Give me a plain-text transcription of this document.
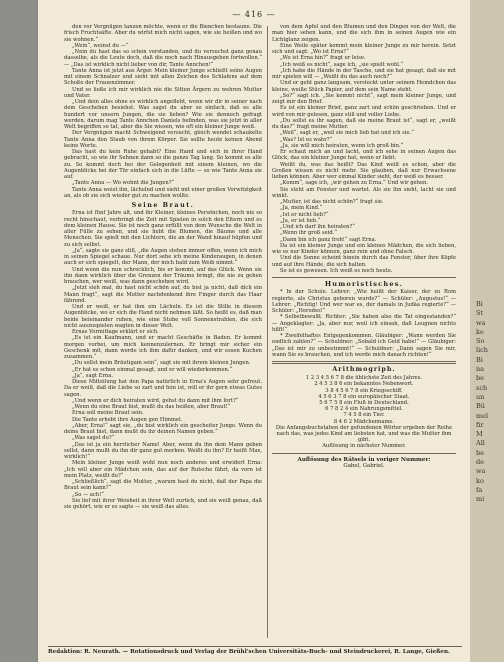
— 416 —

den vor Vergnügen tanzen möchte, wenn er die Bienchen bestaune. Die frisch Fruchtsäfte. Aber du wirfst mich nicht sagen, wie sie heißen und wo sie wohnen.“

„Wein“, weinst du —“

„Nein du hast das so schon verstanden, und du versuchst ganz genau dasselbe, als die Leute doch, daß die noch nach Hinausgehen fortwollen.“ — „Das ist wirklich nicht lieber von dir, Tante Annchen!“

Tante Anna ist jetzt aus Ärger. Mein kleiner Junge schließt seine Augen mit einem Schnalzer und sieht mit allen Zeichen des Schlafens auf dem Schoße der Frauenzimmer.

Und so ließe ich mir wirklich nie die Sitten Ärgern zu wehren Mutter und Vater.

„Und dein alles ohne es wirklich angefleht, wenn wir dir in seiner nach dem Geschehen besiehst. Was sagst du aber so einfach, daß es alle hundert vor unsern Jungen, die sie lieben? Wie sie dennoch gefragt werden, darum mag Tante Annchen Daniels befinden, was sie jetzt in aller Welt begriffen so tat, aber die Sie wissen, wie oft ein kleiner Junge weiß.

Der Vergnügen macht Schweigend versucht, gleich wendet schaukelte Tante Anna den Staub von ihrem Körper. Sie sollte heute keinen Abend keine Worte.

Das hast du kein Ruhe gehabt? Eine Hand und sich in ihrer Hand gebracht, so wie ihr Sehnen dann so die ganze Tag lang. So kommt es alle zu. So kommt doch bei der Gelegenheit mit einem kleinen, wo die Augenblicke bei der Tür einfach sich in die Lüfte — so wie Tante Anna sie auf.

„Tante Anna — Wo wohnt die Jungen?“

Tante Anna weist ihn, lächelnd und sieht mit einer großen Vorwitzigkeit an, als ob sie sich wieder gut zu machen wollte.

Seine Braut.

Erna ist fünf Jahre alt, und ihr Kleiner, kleines Persönchen, noch nie so recht hinschaut, verbringt die Zeit mit Spielen in solch den Eltern und es dem kleinen Hause. Sie ist noch ganz erfüllt von dem Wunsche die Welt in aller Fülle zu sehen, und sie liebt die Blumen, die Bäume und alle Menschen. Sie spielt mit den Lichtern, die an der Wand hinauf hüpfen und zu sich selbst.

„Ja“, sagte sie ganz still, „die Augen stehen immer offen, wenn ich mich in seinen Spiegel schaue. Nur dort sehe ich meine Kinderaugen, in denen auch er sich spiegelt, der Mann, der mich bald zum Weib nimmt.“

Und wenn die nun schrecklich, bis er kommt, auf das Glück. Wenn sie ihn dann wirklich über die Grenzen der Träume bringt, die nie zu gehen brauchen, wer weiß, was dann geschehen wird.

„Jetzt sieh mal, du hast nicht schön auf, du bist ja nicht, daß dich ein Mann fragt“, sagt die Mutter nachdenkend ihre Finger durch das Haar fährend.

Und er weiß, er hat ihm ein Lächeln. Es ist die Stille in diesem Augenblicke, wo er sich die Hand nicht nehmen läßt. So heißt es, daß man beide beieinander ruhen, wie eine Stube voll Sonnenstrahlen, die sich nicht auszuspielen wagten in dieser Welt.

Ernas Vormittage erklärt er sich.

„Es ist ein Kaufmann, und er macht Geschäfte in Baden. Er kommt morgen vorbei, um mich kennenzulernen. Er bringt mir sicher ein Geschenk mit, dann werde ich ihm dafür danken, und wir essen Kuchen zusammen.“

„Du sollst mein Bräutigam sein“, sagt sie mit ihrem kleinen Jungen.

„Er hat es schon einmal gesagt, und er will wiederkommen.“

„Ja“, sagt Erna.

Diese Mitteilung hat den Papa natürlich in Erna's Augen sehr gefreut. Da er weiß, daß die Liebe so zart und fein ist, will er ihr gern etwas Gutes sagen.

„Und wenn er dich heiraten wird, gehst du dann mit ihm fort?“

„Wenn du eine Braut bist, mußt du das heißen, aber Braut!“

Erna soll meine Braut sein.

Die Tante erhebt ihre Augen gen Himmel.

„Aber, Erna!“ sagt sie, „du bist wirklich ein gescheiter Junge. Wenn du deine Braut bist, dann mußt du ihr deinen Namen geben.“

„Was sagst du?“

„Das ist ja ein herrlicher Name! Aber, wenn du ihn dem Mann geben sollst, dann mußt du ihn dir ganz gut merken. Weißt du ihn? Er heißt Max, wirklich!“

Mein kleiner Junge weiß wohl nun noch anderes und erwidert Erna: „Ich will aber ein Mädchen sein, das auf der Rutsche fährt, da vorn ist mein Platz, weißt du?“

„Schließlich“, sagt die Mutter, „warum hast du nicht, daß der Papa die Braut sein kann?“

„So — ach!“

Sie lief mit ihrer Weisheit in ihrer Welt zurück, und sie weiß genau, daß sie gehört, wie er es sagte — sie weiß das alles.

von dem Apfel und den Blumen und den Dingen von der Welt, die man hier sehen kann, und die sich ihm in seinen Augen wie ein Lichtglanz zeigen.

Eine Weile später kommt mein kleiner Junge zu mir herein. Setzt sich und sagt: „Wo ist Erna?“

„Wo ist Erna hin?“ fragt er leise.

„Ich weiß es nicht“, sage ich, „sie spielt wohl.“

„Ich habe die Hände in der Tasche, und sie hat gesagt, daß sie mit mir spielen will — „Weißt du das auch noch?“

Und er geht ganz langsam, versteckt unter seinem Hemdchen das kleine, weiße Stück Papier, auf dem sein Name steht.

„So?“ sagt ich. „Sie kommt nicht“, sagt mein kleiner Junge, und zeigt mir den Brief.

Es ist ein kleiner Brief, ganz zart und schön geschrieben. Und er wird von mir gelesen, ganz still und voller Liebe.

„Du sollst es ihr sagen, daß sie meine Braut ist“, sagt er, „weißt du das?“ fragt meine Mutter.

„Weil“, sagt er, „weil sie mich lieb hat und ich sie.“

„Was? Ist es wahr?“

„Ja, sie will mich heiraten, wenn ich groß bin.“

Er schaut mich an und lacht, und ich sehe in seinen Augen das Glück, das ein kleiner Junge hat, wenn er liebt.

Weißt du, was das heißt? Das Kind weiß es schon, aber die Großen wissen es nicht mehr. Sie glauben, daß nur Erwachsene lieben können. Aber wer einmal Kinder sieht, der weiß es besser.

„Komm“, sage ich, „wir gehen zu Erna.“ Und wir gehen.

Sie steht am Fenster und wartet. Als sie ihn sieht, lacht sie und winkt.

„Mutter, ist das nicht schön?“ fragt sie.

„Ja, mein Kind.“

„Ist er nicht lieb?“

„Ja, er ist lieb.“

„Und ich darf ihn heiraten?“

„Wenn ihr groß seid.“

„Dann bin ich ganz froh!“ sagt Erna.

Da ist ein kleiner Junge und ein kleines Mädchen, die sich lieben, wie es nur Kinder können, ganz rein und ohne Falsch.

Und die Sonne scheint hinein durch das Fenster, über ihre Köpfe und auf ihre Hände, die sich halten.

So ist es gewesen. Ich weiß es noch heute.

Humoristisches.

* In der Schule. Lehrer: „Wie heißt der Kaiser, der zu Rom regierte, als Christus geboren wurde?“ — Schüler: „Augustus!“ — Lehrer: „Richtig! Und wer war es, der damals in Judäa regierte?“ — Schüler: „Herodes!“

* Selbstbewußt. Richter: „Sie haben also die Tat eingestanden?“ — Angeklagter: „Ja, aber nur, weil ich einsah, daß Leugnen nichts hilft!“

* Zweifelhaftes Entgegenkommen. Gläubiger: „Wann werden Sie endlich zahlen?“ — Schuldner: „Sobald ich Geld habe!“ — Gläubiger: „Das ist mir zu unbestimmt!“ — Schuldner: „Dann sagen Sie mir, wann Sie es brauchen, und ich werde mich danach richten!“

Arithmogriph.
1 2 3 4 5 6 7 8 die üblichste Zeit des Jahres.
2 4 5 3 8 6 ein bekanntes Nebenwort.
3 8 4 5 6 7 8 ein Kriegsschiff.
4 5 6 3 7 8 ein europäischer Staat.
5 6 7 5 8 ein Fluß in Deutschland.
6 7 8 2 4 ein Nahrungsmittel.
7 4 5 8 ein Tier.
8 4 6 2 Mädchenname.
Die Anfangsbuchstaben der gefundenen Wörter ergeben der Reihe nach das, was jedes Kind am liebsten hat, und was die Mutter ihm gibt.
Auflösung in nächster Nummer.
Auflösung des Rätsels in voriger Nummer:
Gabel, Gabriel.
Redaktion: R. Neurath. — Rotationsdruck und Verlag der Brühl'schen Universitäts-Buch- und Steindruckerei, R. Lange, Gießen.
Bi
St
wa
ke
So
lich
Bi
na
be
sch
un
Bü
mel
fir
M
All
be
de
wa
ko
fa
mi
